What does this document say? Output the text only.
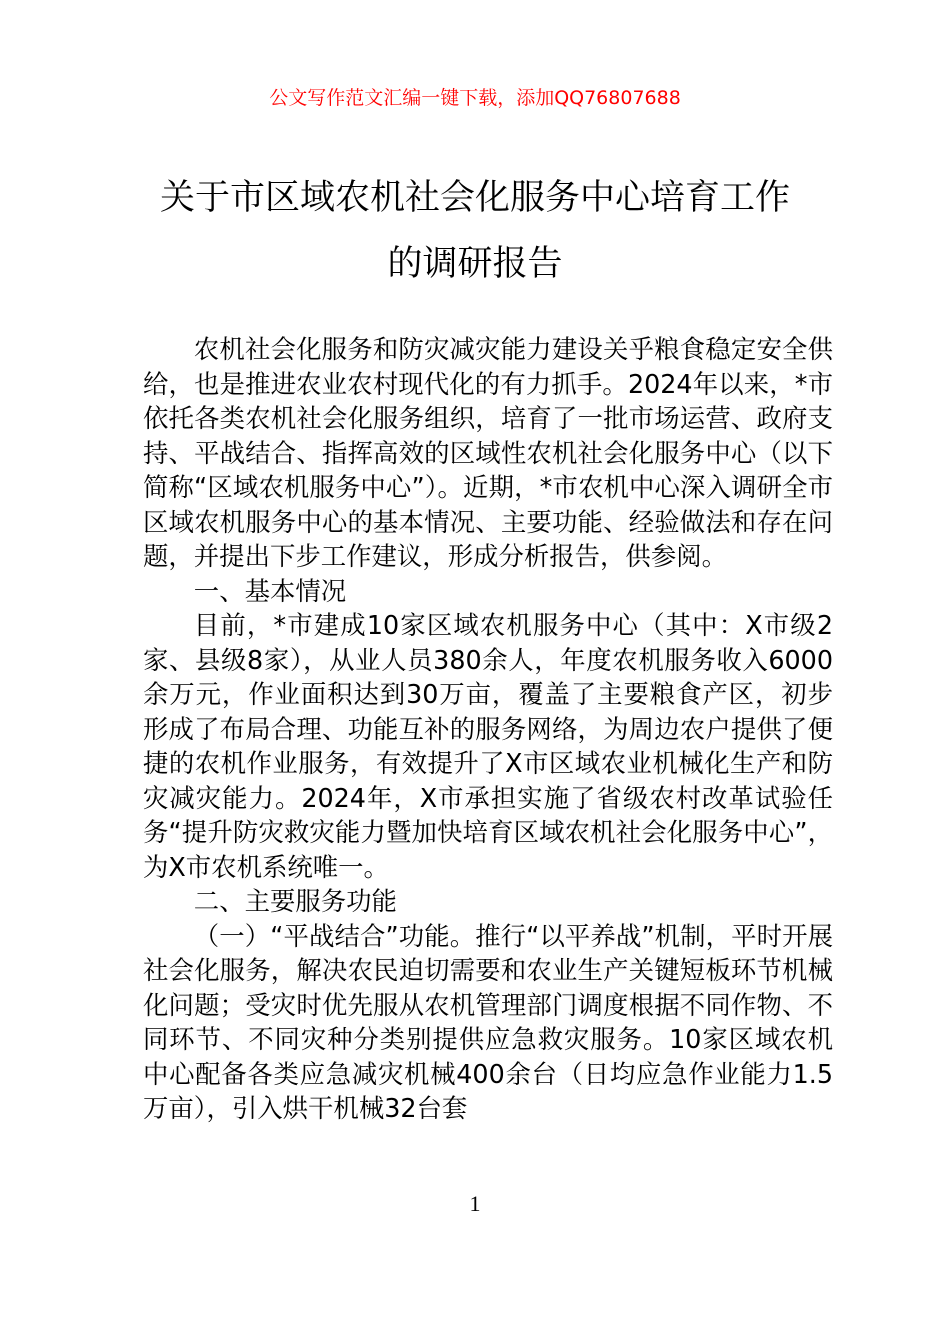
公文写作范文汇编一键下载，添加QQ76807688
关于市区域农机社会化服务中心培育工作
的调研报告

农机社会化服务和防灾减灾能力建设关乎粮食稳定安全供给，也是推进农业农村现代化的有力抓手。2024年以来，*市依托各类农机社会化服务组织，培育了一批市场运营、政府支持、平战结合、指挥高效的区域性农机社会化服务中心（以下简称“区域农机服务中心”）。近期，*市农机中心深入调研全市区域农机服务中心的基本情况、主要功能、经验做法和存在问题，并提出下步工作建议，形成分析报告，供参阅。

一、基本情况

目前，*市建成10家区域农机服务中心（其中：X市级2家、县级8家），从业人员380余人，年度农机服务收入6000余万元，作业面积达到30万亩，覆盖了主要粮食产区，初步形成了布局合理、功能互补的服务网络，为周边农户提供了便捷的农机作业服务，有效提升了X市区域农业机械化生产和防灾减灾能力。2024年，X市承担实施了省级农村改革试验任务“提升防灾救灾能力暨加快培育区域农机社会化服务中心”，为X市农机系统唯一。

二、主要服务功能

（一）“平战结合”功能。推行“以平养战”机制，平时开展社会化服务，解决农民迫切需要和农业生产关键短板环节机械化问题；受灾时优先服从农机管理部门调度根据不同作物、不同环节、不同灾种分类别提供应急救灾服务。10家区域农机中心配备各类应急减灾机械400余台（日均应急作业能力1.5万亩），引入烘干机械32台套

1
